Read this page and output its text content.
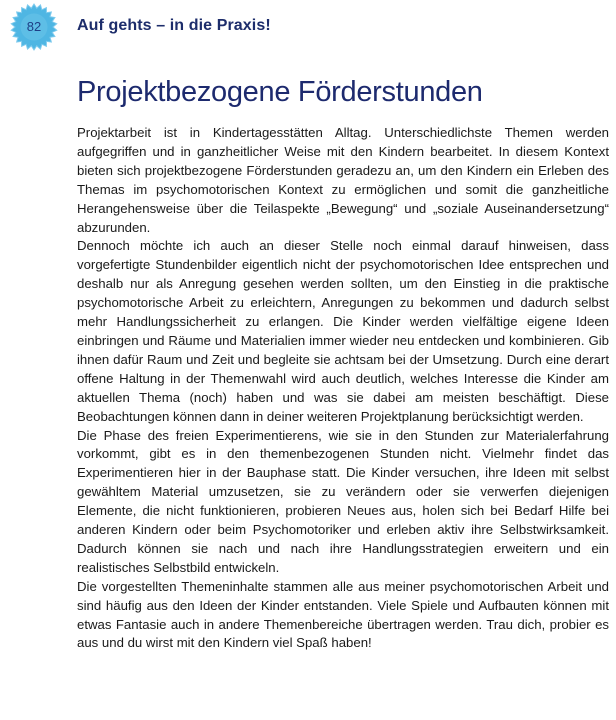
82	Auf gehts – in die Praxis!
Projektbezogene Förderstunden

Projektarbeit ist in Kindertagesstätten Alltag. Unterschiedlichste Themen werden aufgegriffen und in ganzheitlicher Weise mit den Kindern bearbeitet. In diesem Kontext bieten sich projektbezogene Förderstunden geradezu an, um den Kindern ein Erleben des Themas im psychomotorischen Kontext zu ermöglichen und somit die ganzheitliche Herangehensweise über die Teilaspekte „Bewegung“ und „soziale Auseinandersetzung“ abzurunden.

Dennoch möchte ich auch an dieser Stelle noch einmal darauf hinweisen, dass vorgefertigte Stundenbilder eigentlich nicht der psychomotorischen Idee entsprechen und deshalb nur als Anregung gesehen werden sollten, um den Einstieg in die praktische psychomotorische Arbeit zu erleichtern, Anregungen zu bekommen und dadurch selbst mehr Handlungssicherheit zu erlangen. Die Kinder werden vielfältige eigene Ideen einbringen und Räume und Materialien immer wieder neu entdecken und kombinieren. Gib ihnen dafür Raum und Zeit und begleite sie achtsam bei der Umsetzung. Durch eine derart offene Haltung in der Themenwahl wird auch deutlich, welches Interesse die Kinder am aktuellen Thema (noch) haben und was sie dabei am meisten beschäftigt. Diese Beobachtungen können dann in deiner weiteren Projektplanung berücksichtigt werden.

Die Phase des freien Experimentierens, wie sie in den Stunden zur Materialerfahrung vorkommt, gibt es in den themenbezogenen Stunden nicht. Vielmehr findet das Experimentieren hier in der Bauphase statt. Die Kinder versuchen, ihre Ideen mit selbst gewähltem Material umzusetzen, sie zu verändern oder sie verwerfen diejenigen Elemente, die nicht funktionieren, probieren Neues aus, holen sich bei Bedarf Hilfe bei anderen Kindern oder beim Psychomotoriker und erleben aktiv ihre Selbstwirksamkeit. Dadurch können sie nach und nach ihre Handlungsstrategien erweitern und ein realistisches Selbstbild entwickeln.

Die vorgestellten Themeninhalte stammen alle aus meiner psychomotorischen Arbeit und sind häufig aus den Ideen der Kinder entstanden. Viele Spiele und Aufbauten können mit etwas Fantasie auch in andere Themenbereiche übertragen werden. Trau dich, probier es aus und du wirst mit den Kindern viel Spaß haben!
